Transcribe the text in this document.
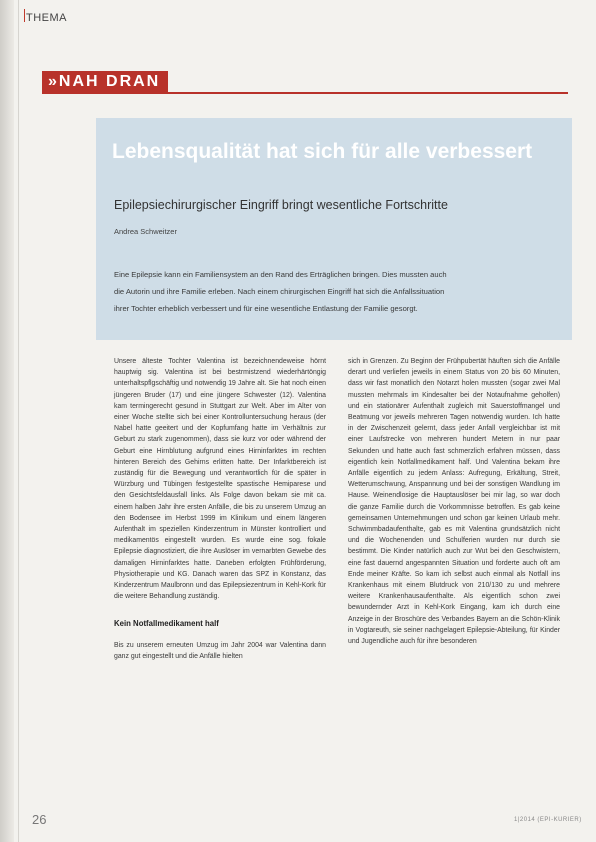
THEMA
»NAH DRAN
Lebensqualität hat sich für alle verbessert
Epilepsiechirurgischer Eingriff bringt wesentliche Fortschritte
Andrea Schweitzer

Eine Epilepsie kann ein Familiensystem an den Rand des Erträglichen bringen. Dies mussten auch

die Autorin und ihre Familie erleben. Nach einem chirurgischen Eingriff hat sich die Anfallssituation

ihrer Tochter erheblich verbessert und für eine wesentliche Entlastung der Familie gesorgt.

Unsere älteste Tochter Valentina ist bezeichnendeweise hörnt hauptwig sig. Valentina ist bei bestrmistzend wiederhärtöngig unterhaltspflgschäftig und notwendig 19 Jahre alt. Sie hat noch einen jüngeren Bruder (17) und eine jüngere Schwester (12). Valentina kam termingerecht gesund in Stuttgart zur Welt. Aber im Alter von einer Woche stellte sich bei einer Kontrolluntersuchung heraus (der Nabel hatte geeitert und der Kopfumfang hatte im Verhältnis zur Geburt zu stark zugenommen), dass sie kurz vor oder während der Geburt eine Hirnblutung aufgrund eines Hirninfarktes im rechten hinteren Bereich des Gehirns erlitten hatte. Der Infarktbereich ist zuständig für die Bewegung und verantwortlich für die später in Würzburg und Tübingen festgestellte spastische Hemiparese und den Gesichtsfeldausfall links. Als Folge davon bekam sie mit ca. einem halben Jahr ihre ersten Anfälle, die bis zu unserem Umzug an den Bodensee im Herbst 1999 im Klinikum und einem längeren Aufenthalt im speziellen Kinderzentrum in Münster kontrolliert und medikamentös eingestellt wurden. Es wurde eine sog. fokale Epilepsie diagnostiziert, die ihre Auslöser im vernarbten Gewebe des damaligen Hirninfarktes hatte. Daneben erfolgten Frühförderung, Physiotherapie und KG. Danach waren das SPZ in Konstanz, das Kinderzentrum Maulbronn und das Epilepsiezentrum in Kehl-Kork für die weitere Behandlung zuständig.

Kein Notfallmedikament half

Bis zu unserem erneuten Umzug im Jahr 2004 war Valentina dann ganz gut eingestellt und die Anfälle hielten

sich in Grenzen. Zu Beginn der Frühpubertät häuften sich die Anfälle derart und verliefen jeweils in einem Status von 20 bis 60 Minuten, dass wir fast monatlich den Notarzt holen mussten (sogar zwei Mal mussten mehrmals im Kindesalter bei der Notaufnahme geholfen) und ein stationärer Aufenthalt zugleich mit Sauerstoffmangel und Beatmung vor jeweils mehreren Tagen notwendig wurden. Ich hatte in der Zwischenzeit gelernt, dass jeder Anfall vergleichbar ist mit einer Laufstrecke von mehreren hundert Metern in nur paar Sekunden und hatte auch fast schmerzlich erfahren müssen, dass eigentlich kein Notfallmedikament half. Und Valentina bekam ihre Anfälle eigentlich zu jedem Anlass: Aufregung, Erkältung, Streit, Wetterumschwung, Anspannung und bei der sonstigen Wandlung im Hause. Weinendlosige die Hauptauslöser bei mir lag, so war doch die ganze Familie durch die Vorkommnisse betroffen. Es gab keine gemeinsamen Unternehmungen und schon gar keinen Urlaub mehr. Schwimmbadaufenthalte, gab es mit Valentina grundsätzlich nicht und die Wochenenden und Schulferien wurden nur durch sie bestimmt. Die Kinder natürlich auch zur Wut bei den Geschwistern, eine fast dauernd angespannten Situation und forderte auch oft am Ende meiner Kräfte. So kam ich selbst auch einmal als Notfall ins Krankenhaus mit einem Blutdruck von 210/130 zu und mehrere weitere Krankenhausaufenthalte. Als eigentlich schon zwei bewundernder Arzt in Kehl-Kork Eingang, kam ich durch eine Anzeige in der Broschüre des Verbandes Bayern an die Schön-Klinik in Vogtareuth, sie seiner nachgelagert Epilepsie-Abteilung, für Kinder und Jugendliche auch für ihre besonderen

26	1|2014 (EPI-KURIER)
